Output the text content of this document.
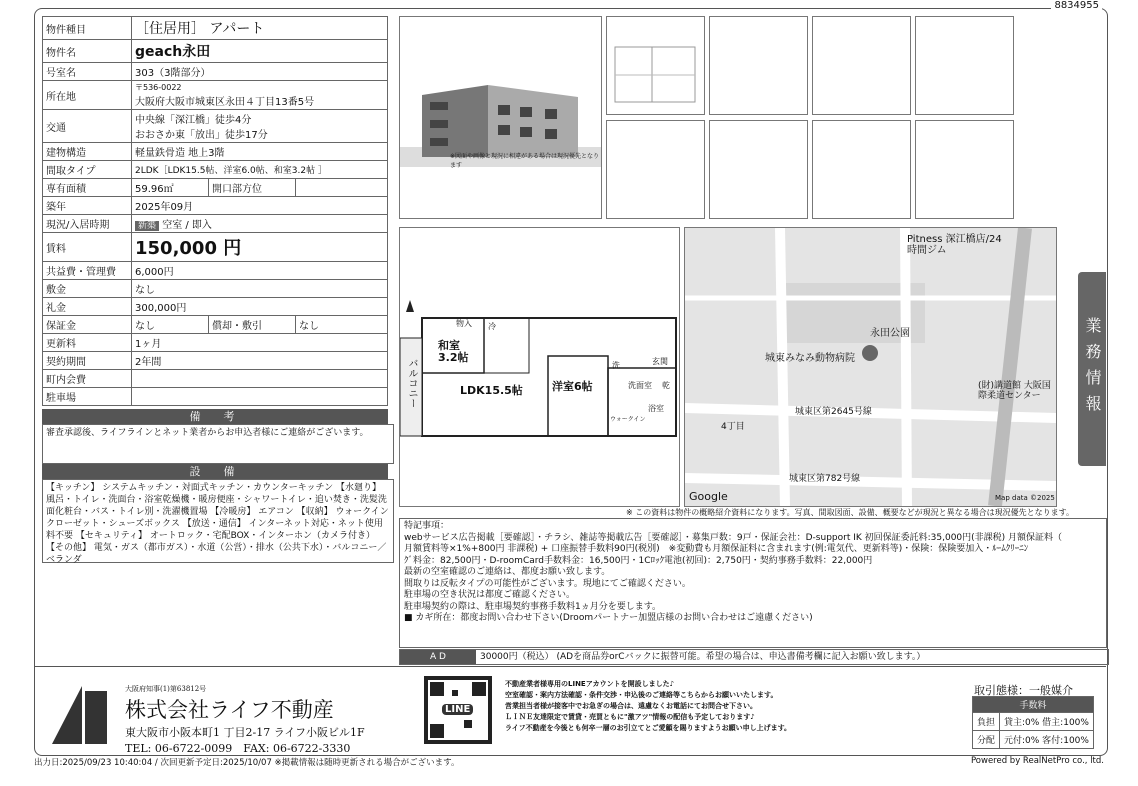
8834955
物件種目	［住居用］ アパート		
物件名	geach永田		
号室名	303（3階部分）		
所在地	〒536-0022
大阪府大阪市城東区永田４丁目13番5号		

交通	中央線「深江橋」徒歩4分
おおさか東「放出」徒歩17分		

建物構造	軽量鉄骨造 地上3階		
間取タイプ	2LDK［LDK15.5帖、洋室6.0帖、和室3.2帖 ］		
専有面積	59.96㎡	開口部方位	
築年	2025年09月		
現況/入居時期	新築 空室 / 即入		
賃料	150,000 円		
共益費・管理費	6,000円		
敷金	なし		
礼金	300,000円		
保証金	なし	償却・敷引	なし
更新料	1ヶ月		
契約期間	2年間		
町内会費			
駐車場			
備　考
審査承認後、ライフラインとネット業者からお申込者様にご連絡がございます。
設　備
【キッチン】 システムキッチン・対面式キッチン・カウンターキッチン 【水廻り】 風呂・トイレ・洗面台・浴室乾燥機・暖房便座・シャワートイレ・追い焚き・洗髪洗面化粧台・バス・トイレ別・洗濯機置場 【冷暖房】 エアコン 【収納】 ウォークインクローゼット・シューズボックス 【放送・通信】 インターネット対応・ネット使用料不要 【セキュリティ】 オートロック・宅配BOX・インターホン（カメラ付き） 【その他】 電気・ガス（都市ガス）・水道（公営）・排水（公共下水）・バルコニー／ベランダ
※図面や画像と現況に相違がある場合は現況優先となります
和室
3.2帖
LDK15.5帖	洋室6帖
バルコニー	洗面室
浴室
玄関
物入
乾
洗
冷
ウォークイン
Pitness 深江橋店/24時間ジム
永田公園
城東みなみ動物病院
(財)講道館 大阪国際柔道センター
城東区第2645号線
城東区第782号線
4丁目
Google	Map data ©2025
※ この資料は物件の概略紹介資料になります。写真、間取図面、設備、概要などが現況と異なる場合は現況優先となります。
業務情報
特記事項：
webサービス広告掲載［要確認］・チラシ、雑誌等掲載広告［要確認］・募集戸数：9戸・保証会社：D-support IK 初回保証委託料:35,000円(非課税) 月額保証料（
月額賃料等×1%+800円 非課税) + 口座振替手数料90円(税別)　※変動費も月額保証料に含まれます(例:電気代、更新料等)・保険：保険要加入・ﾙｰﾑｸﾘｰﾆﾝ
ｸﾞ料金：82,500円・D-roomCard手数料金：16,500円・1Cﾛｯｸ電池(初回)：2,750円・契約事務手数料：22,000円
最新の空室確認のご連絡は、都度お願い致します。
間取りは反転タイプの可能性がございます。現地にてご確認ください。
駐車場の空き状況は都度ご確認ください。
駐車場契約の際は、駐車場契約事務手数料1ヵ月分を要します。
■ カギ所在：都度お問い合わせ下さい(Droomパートナー加盟店様のお問い合わせはご遠慮ください)
A D	30000円（税込） (ADを商品券orCバックに振替可能。希望の場合は、申込書備考欄に記入お願い致します。）
大阪府知事(1)第63812号
株式会社ライフ不動産
東大阪市小阪本町1 丁目2-17 ライフ小阪ビル1F
TEL: 06-6722-0099　FAX: 06-6722-3330
LINE
不動産業者様専用のLINEアカウントを開設しました♪
空室確認・案内方法確認・条件交渉・申込後のご連絡等こちらからお願いいたします。
営業担当者様が接客中でお急ぎの場合は、遠慮なくお電話にてお問合せ下さい。
ＬＩＮＥ友達限定で賃貸・売買ともに"激アツ"情報の配信も予定しております♪
ライフ不動産を今後とも何卒一層のお引立てとご愛顧を賜りますようお願い申し上げます。
取引態様：一般媒介
手数料	
負担	貸主:0% 借主:100%
分配	元付:0% 客付:100%
出力日:2025/09/23 10:40:04 / 次回更新予定日:2025/10/07 ※掲載情報は随時更新される場合がございます。	Powered by RealNetPro co., ltd.
